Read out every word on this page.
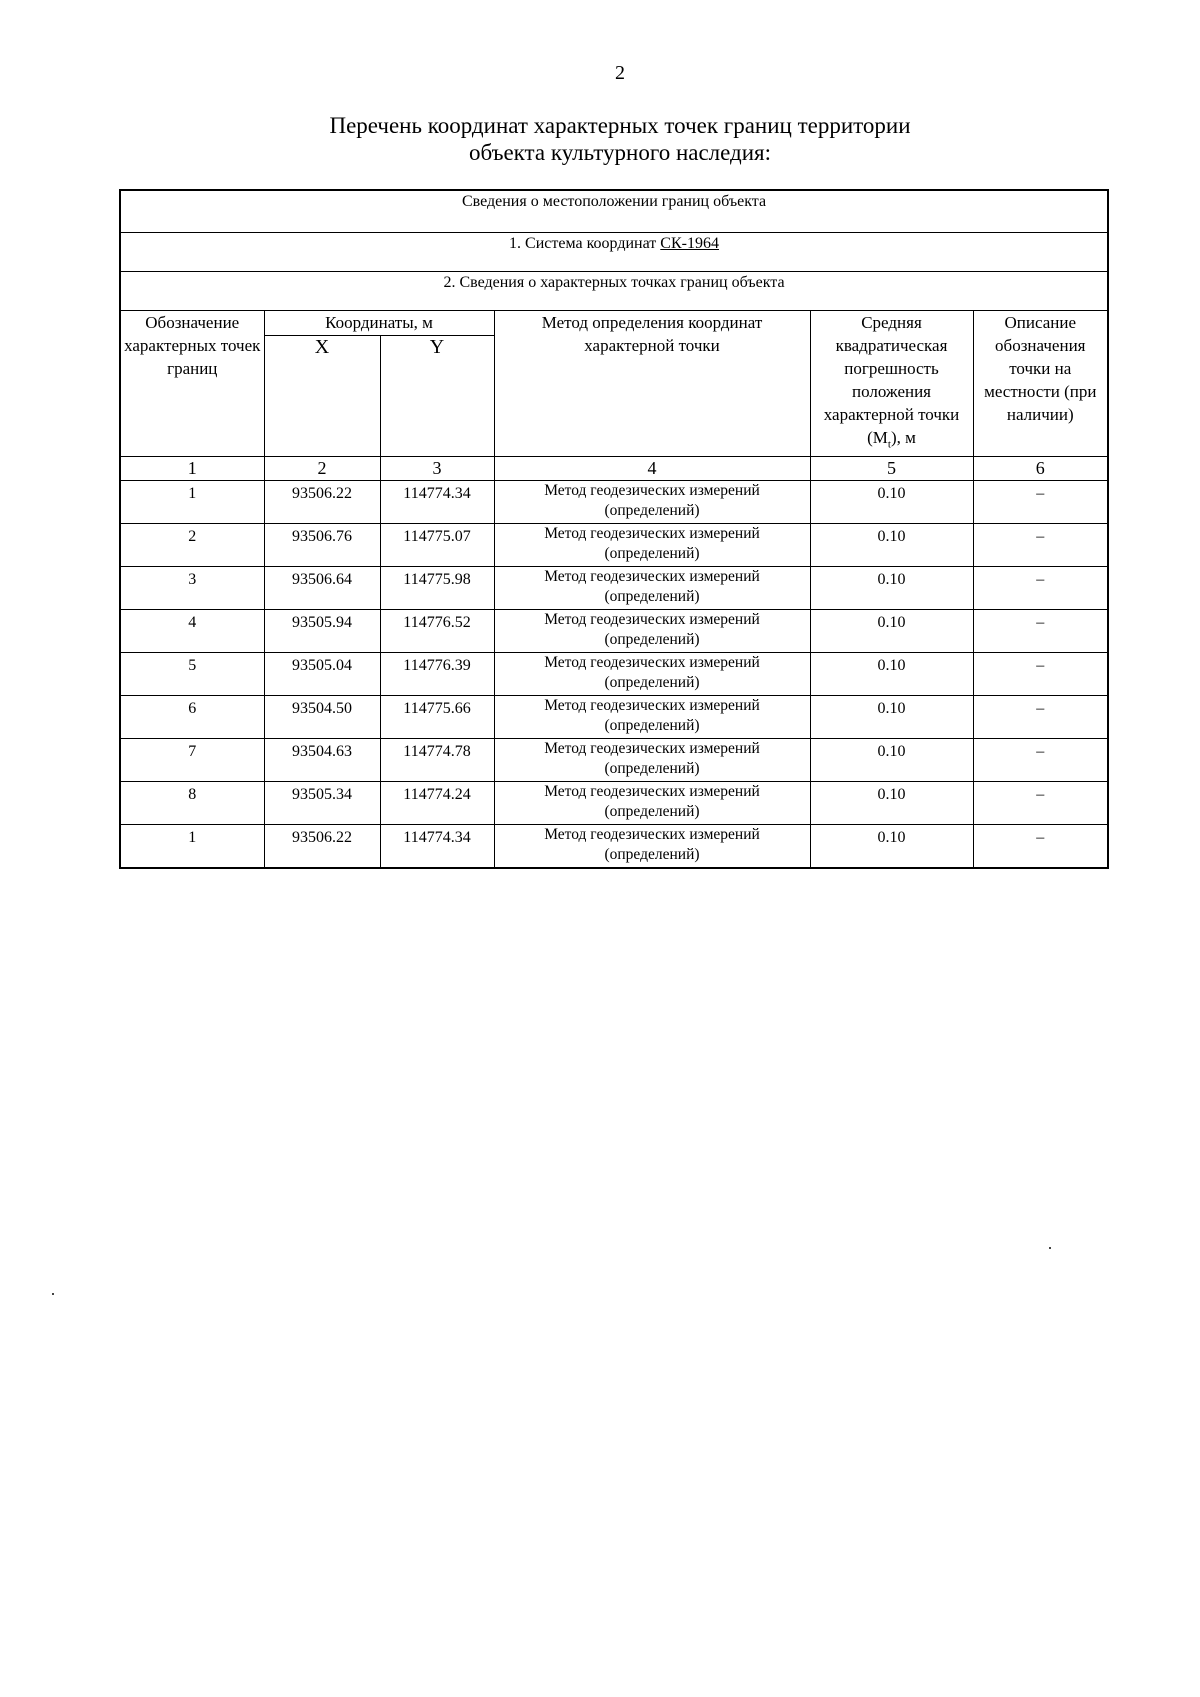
2
Перечень координат характерных точек границ территории
объекта культурного наследия:
Сведения о местоположении границ объекта					
1. Система координат СК-1964					
2. Сведения о характерных точках границ объекта					
Обозначение характерных точек границ	Координаты, м		Метод определения координат характерной точки	Средняя квадратическая погрешность положения характерной точки $(M_t)$, м	Описание обозначения точки на местности (при наличии)
	X	Y			
1	2	3	4	5	6
1	93506.22	114774.34	Метод геодезических измерений (определений)	0.10	–
2	93506.76	114775.07	Метод геодезических измерений (определений)	0.10	–
3	93506.64	114775.98	Метод геодезических измерений (определений)	0.10	–
4	93505.94	114776.52	Метод геодезических измерений (определений)	0.10	–
5	93505.04	114776.39	Метод геодезических измерений (определений)	0.10	–
6	93504.50	114775.66	Метод геодезических измерений (определений)	0.10	–
7	93504.63	114774.78	Метод геодезических измерений (определений)	0.10	–
8	93505.34	114774.24	Метод геодезических измерений (определений)	0.10	–
1	93506.22	114774.34	Метод геодезических измерений (определений)	0.10	–
